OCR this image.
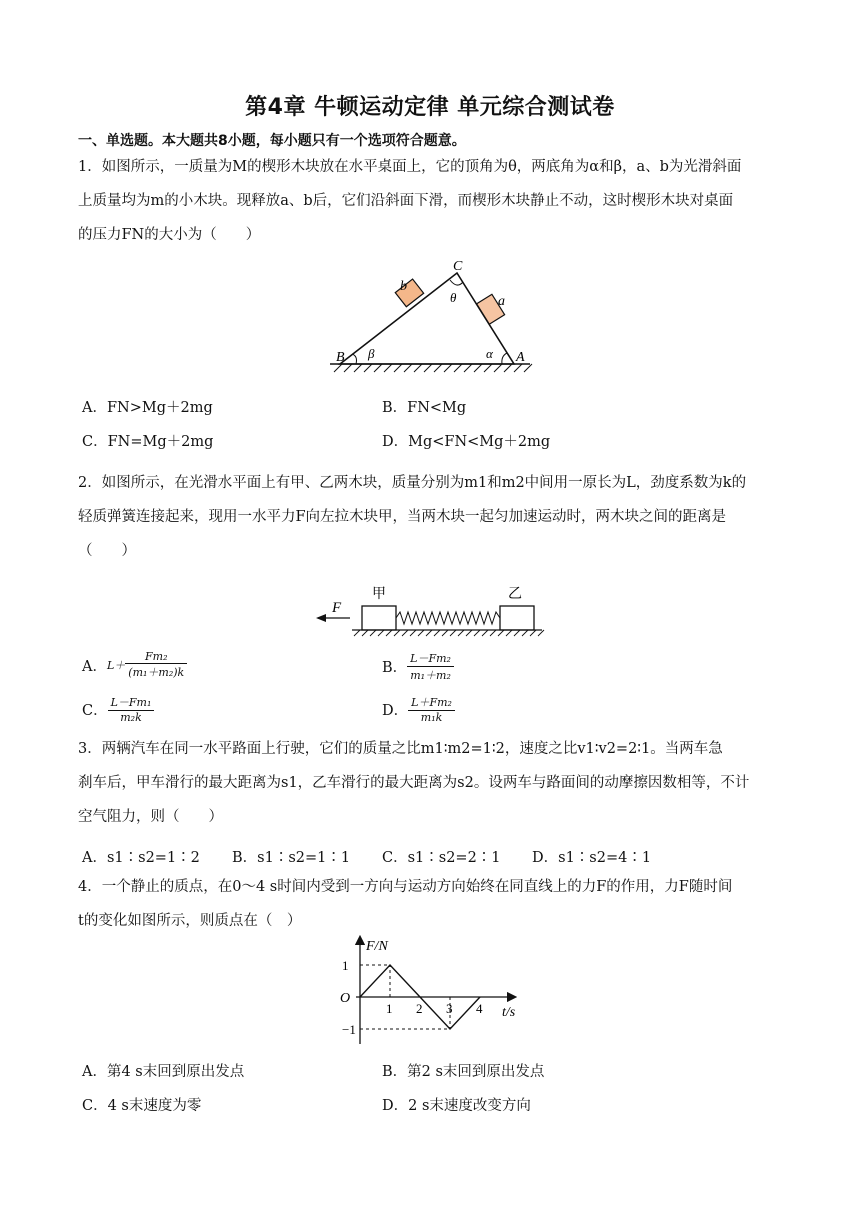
第4章 牛顿运动定律 单元综合测试卷
一、单选题。本大题共8小题，每小题只有一个选项符合题意。
1．如图所示，一质量为M的楔形木块放在水平桌面上，它的顶角为θ，两底角为α和β，a、b为光滑斜面
上质量均为m的小木块。现释放a、b后，它们沿斜面下滑，而楔形木块静止不动，这时楔形木块对桌面
的压力FN的大小为（　　）
C
A
B
a
b
θ
α
β
A．FN>Mg＋2mg	B．FN<Mg
C．FN=Mg＋2mg	D．Mg<FN<Mg＋2mg
2．如图所示，在光滑水平面上有甲、乙两木块，质量分别为m1和m2中间用一原长为L，劲度系数为k的
轻质弹簧连接起来，现用一水平力F向左拉木块甲，当两木块一起匀加速运动时，两木块之间的距离是
（　　）
F
甲	乙
A． $L+ \frac{\text{Fm₂}}{\text{(m₁＋m₂)k}}$	B． $\frac{\text{L－Fm₂}}{\text{m₁＋m₂}}$
C． $\frac{\text{L－Fm₁}}{\text{m₂k}}$	D． $\frac{\text{L＋Fm₂}}{\text{m₁k}}$
3．两辆汽车在同一水平路面上行驶，它们的质量之比m1∶m2=1∶2，速度之比v1∶v2=2∶1。当两车急
刹车后，甲车滑行的最大距离为s1，乙车滑行的最大距离为s2。设两车与路面间的动摩擦因数相等，不计
空气阻力，则（　　）
A．s1∶s2=1∶2 B．s1∶s2=1∶1 C．s1∶s2=2∶1 D．s1∶s2=4∶1
4．一个静止的质点，在0～4 s时间内受到一方向与运动方向始终在同直线上的力F的作用，力F随时间
t的变化如图所示，则质点在（　）
F/N
t/s
O
1 2 3 4
1
−1
A．第4 s末回到原出发点	B．第2 s末回到原出发点
C．4 s末速度为零	D．2 s末速度改变方向
